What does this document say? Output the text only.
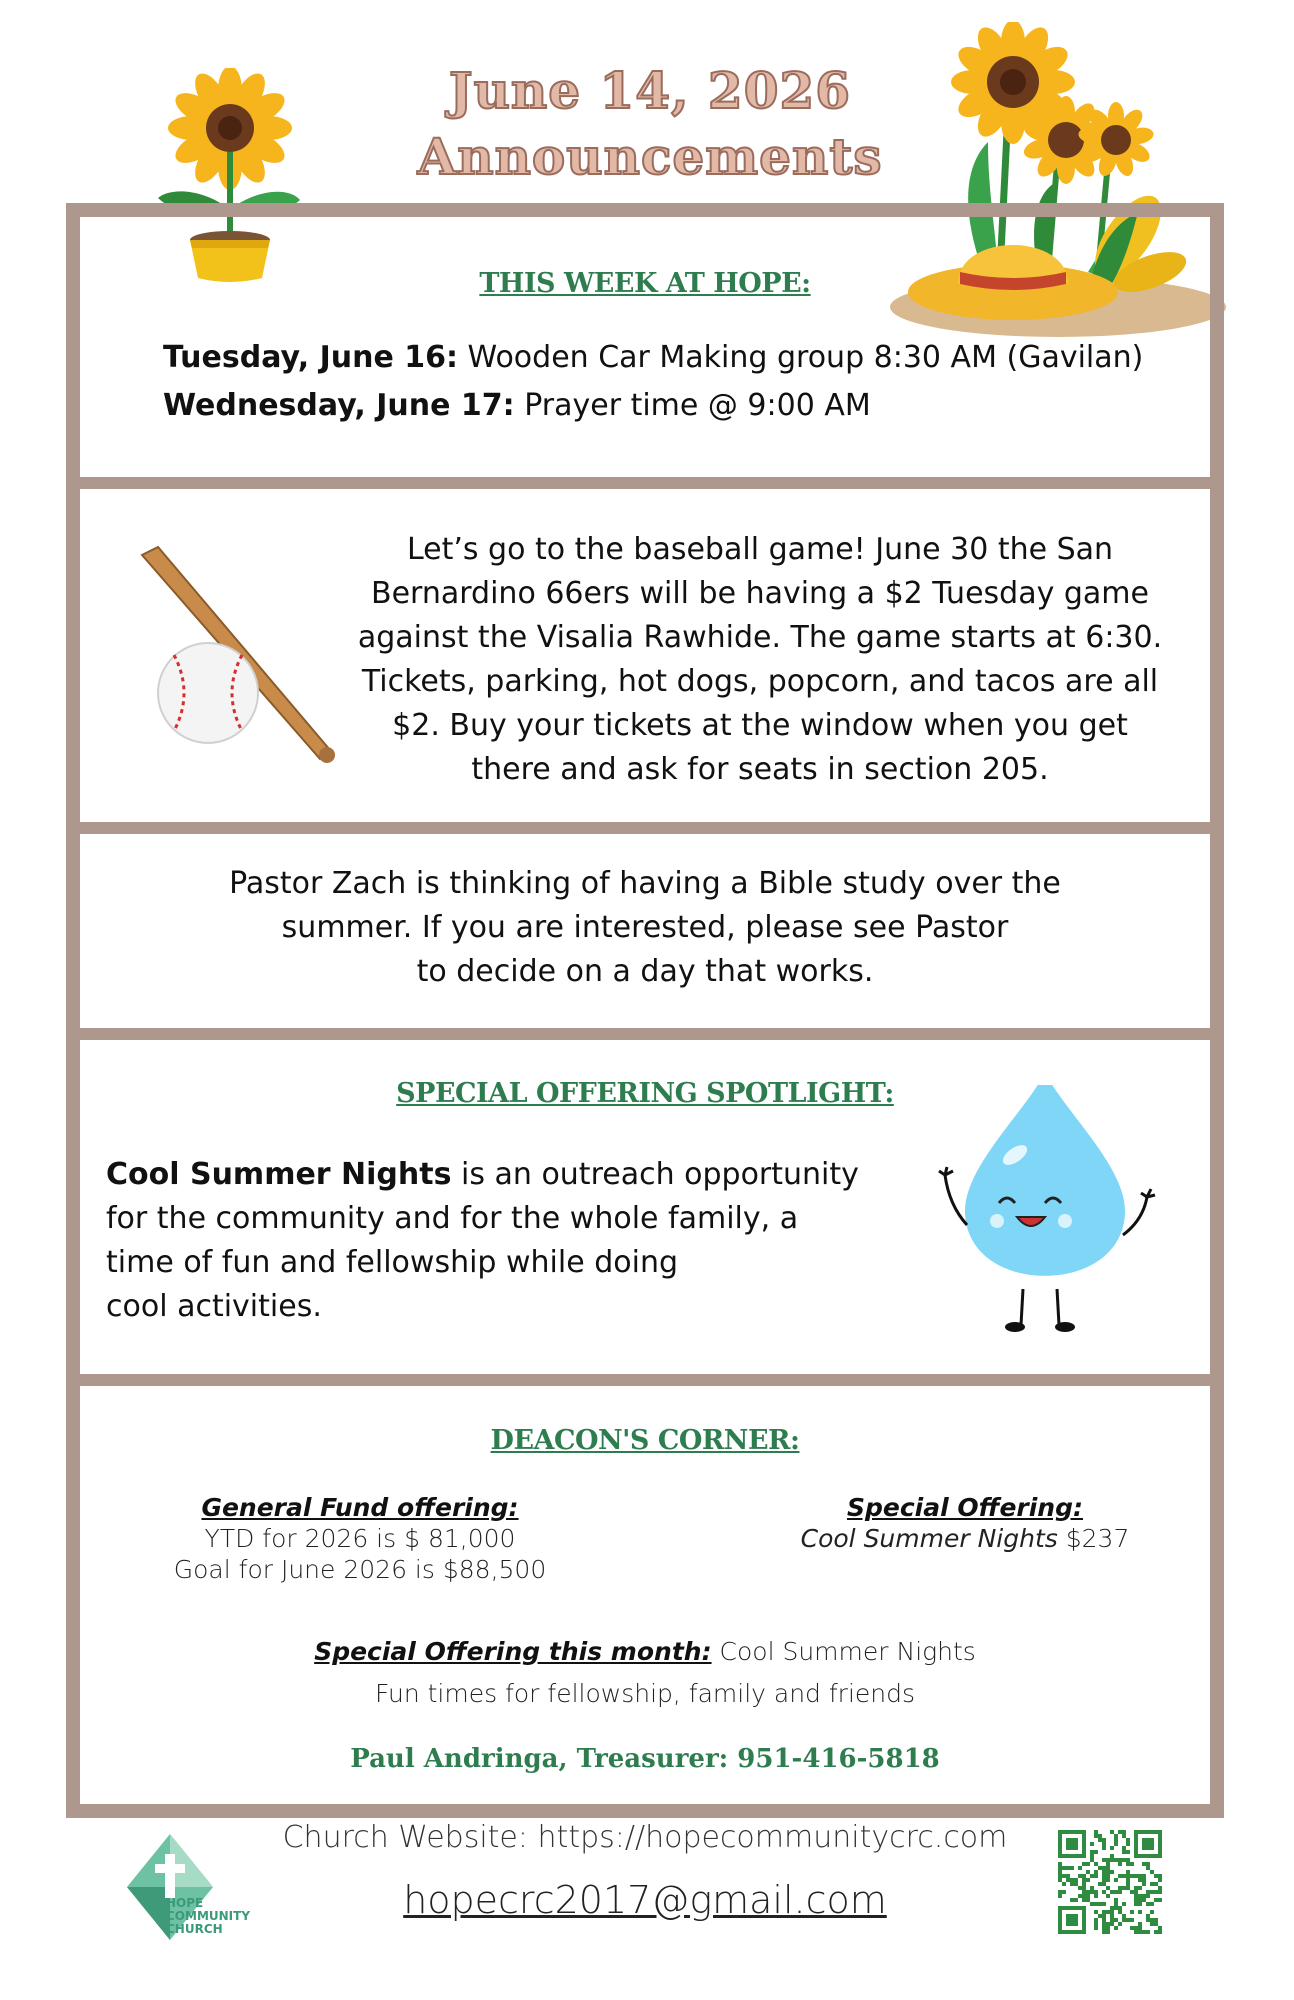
June 14, 2026
Announcements
THIS WEEK AT HOPE:
Tuesday, June 16: Wooden Car Making group 8:30 AM (Gavilan)
Wednesday, June 17: Prayer time @ 9:00 AM
Let’s go to the baseball game! June 30 the San
Bernardino 66ers will be having a $2 Tuesday game
against the Visalia Rawhide. The game starts at 6:30.
Tickets, parking, hot dogs, popcorn, and tacos are all
$2. Buy your tickets at the window when you get
there and ask for seats in section 205.
Pastor Zach is thinking of having a Bible study over the
summer. If you are interested, please see Pastor
to decide on a day that works.
SPECIAL OFFERING SPOTLIGHT:
Cool Summer Nights is an outreach opportunity
for the community and for the whole family, a
time of fun and fellowship while doing
cool activities.
DEACON'S CORNER:
General Fund offering:
YTD for 2026 is $ 81,000
Goal for June 2026 is $88,500
Special Offering:
Cool Summer Nights $237
Special Offering this month: Cool Summer Nights
Fun times for fellowship, family and friends
Paul Andringa, Treasurer: 951-416-5818
HOPE
COMMUNITY
CHURCH
Church Website: https://hopecommunitycrc.com
hopecrc2017@gmail.com
